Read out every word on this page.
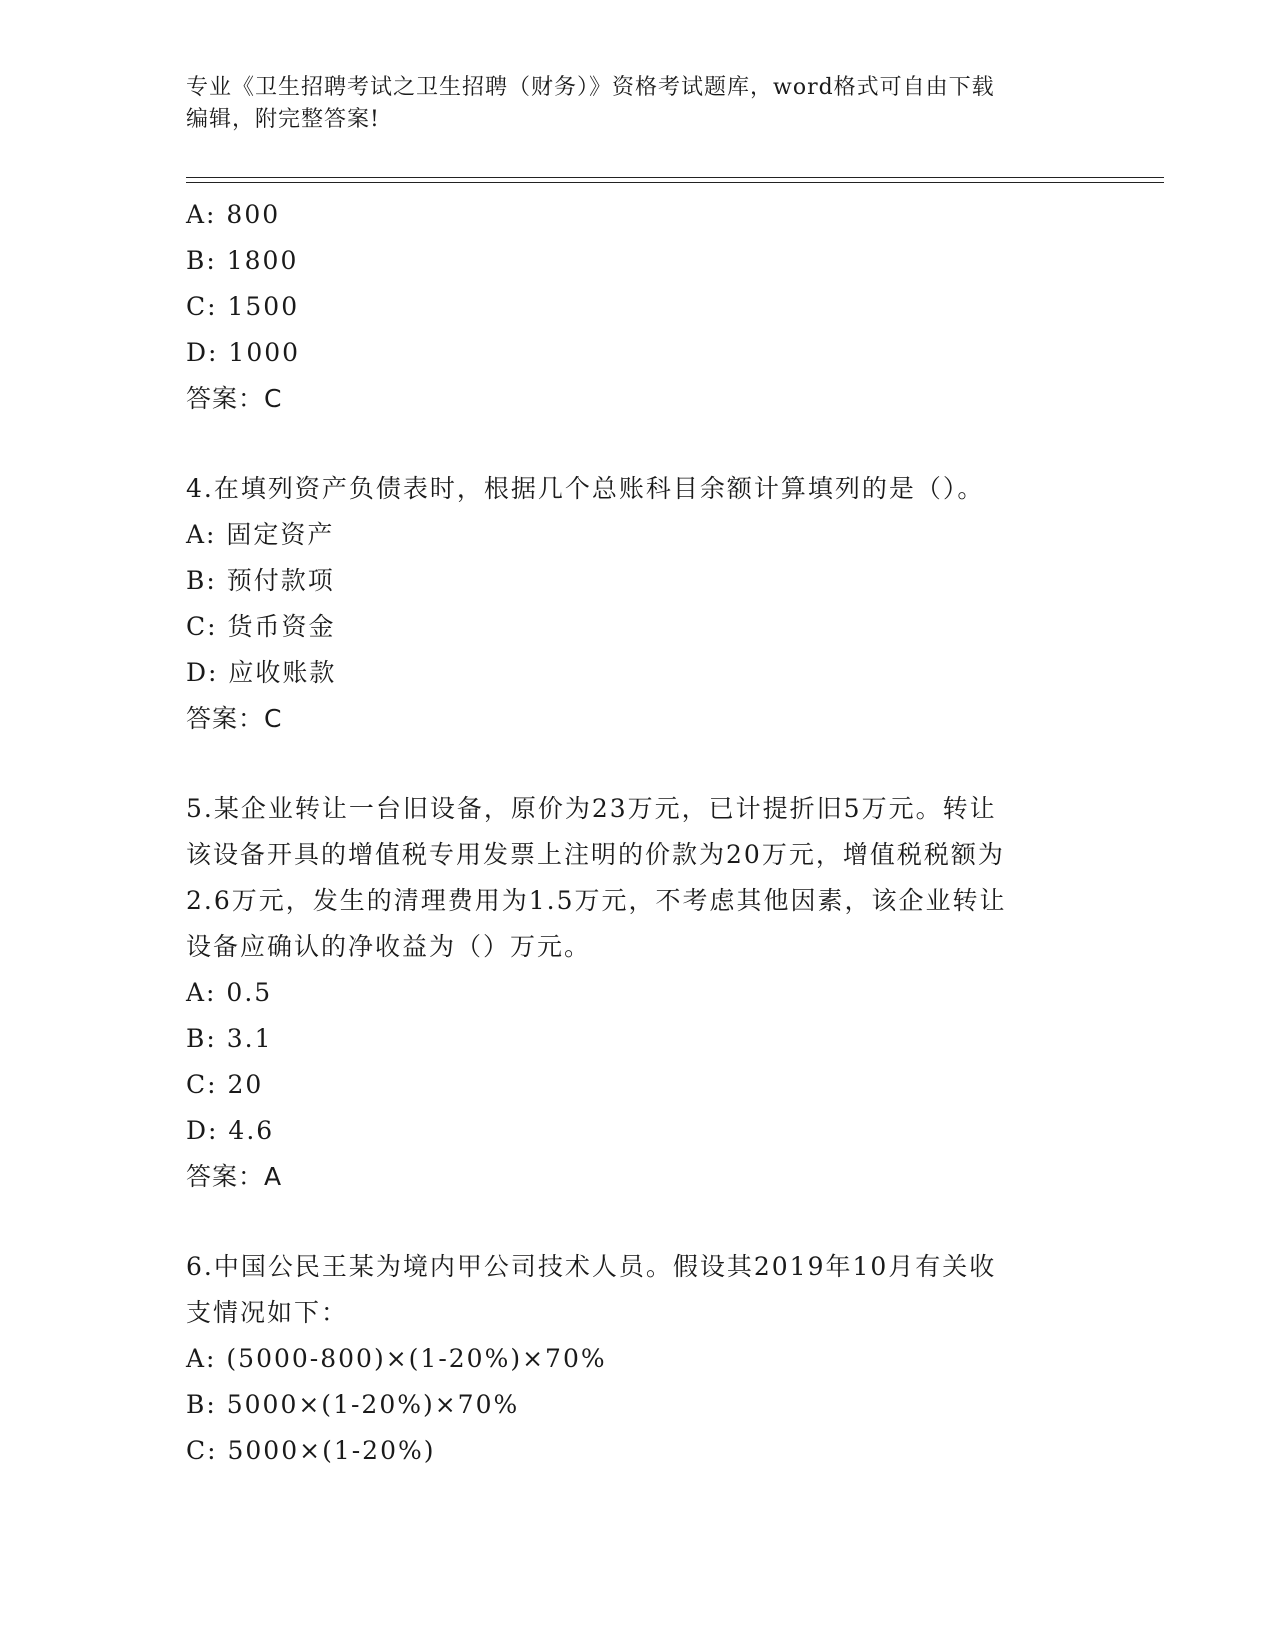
专业《卫生招聘考试之卫生招聘（财务）》资格考试题库，word格式可自由下载
编辑，附完整答案!
A: 800
B: 1800
C: 1500
D: 1000
答案：C
4.在填列资产负债表时，根据几个总账科目余额计算填列的是（）。
A: 固定资产
B: 预付款项
C: 货币资金
D: 应收账款
答案：C
5.某企业转让一台旧设备，原价为23万元，已计提折旧5万元。转让
该设备开具的增值税专用发票上注明的价款为20万元，增值税税额为
2.6万元，发生的清理费用为1.5万元，不考虑其他因素，该企业转让
设备应确认的净收益为（）万元。
A: 0.5
B: 3.1
C: 20
D: 4.6
答案：A
6.中国公民王某为境内甲公司技术人员。假设其2019年10月有关收
支情况如下：
A: (5000-800)×(1-20%)×70%
B: 5000×(1-20%)×70%
C: 5000×(1-20%)
